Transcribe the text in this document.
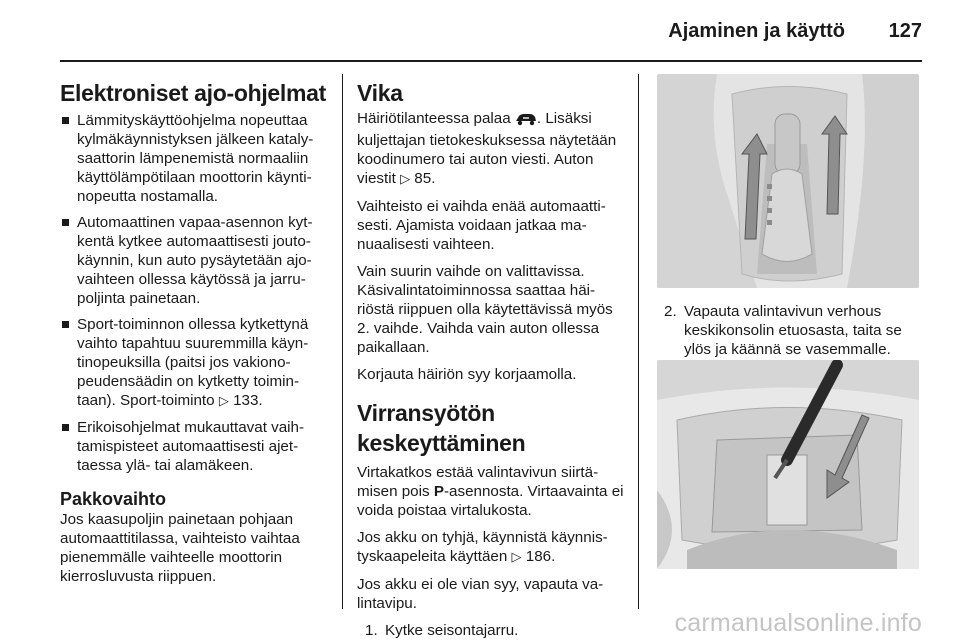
Ajaminen ja käyttö 127
Elektroniset ajo-ohjelmat
Lämmityskäyttöohjelma nopeuttaa kylmäkäynnistyksen jälkeen katalysaattorin lämpenemistä normaaliin käyttölämpötilaan moottorin käyntinopeutta nostamalla.
Automaattinen vapaa-asennon kytkentä kytkee automaattisesti joutokäynnin, kun auto pysäytetään ajovaihteen ollessa käytössä ja jarrupoljinta painetaan.
Sport-toiminnon ollessa kytkettynä vaihto tapahtuu suuremmilla käyntinopeuksilla (paitsi jos vakionopeudensäädin on kytketty toimintaan). Sport-toiminto ▷ 133.
Erikoisohjelmat mukauttavat vaihtamispisteet automaattisesti ajettaessa ylä- tai alamäkeen.
Pakkovaihto

Jos kaasupoljin painetaan pohjaan automaattitilassa, vaihteisto vaihtaa pienemmälle vaihteelle moottorin kierrosluvusta riippuen.

Vika

Häiriötilanteessa palaa . Lisäksi kuljettajan tietokeskuksessa näytetään koodinumero tai auton viesti. Auton viestit ▷ 85.

Vaihteisto ei vaihda enää automaattisesti. Ajamista voidaan jatkaa manuaalisesti vaihteen.

Vain suurin vaihde on valittavissa. Käsivalintatoiminnossa saattaa häiriöstä riippuen olla käytettävissä myös 2. vaihde. Vaihda vain auton ollessa paikallaan.

Korjauta häiriön syy korjaamolla.

Virransyötön
keskeyttäminen

Virtakatkos estää valintavivun siirtämisen pois P-asennosta. Virtaavainta ei voida poistaa virtalukosta.

Jos akku on tyhjä, käynnistä käynnistyskaapeleita käyttäen ▷ 186.

Jos akku ei ole vian syy, vapauta valintavipu.

1. Kytke seisontajarru.
2. Vapauta valintavivun verhous keskikonsolin etuosasta, taita se ylös ja käännä se vasemmalle.
carmanualsonline.info
